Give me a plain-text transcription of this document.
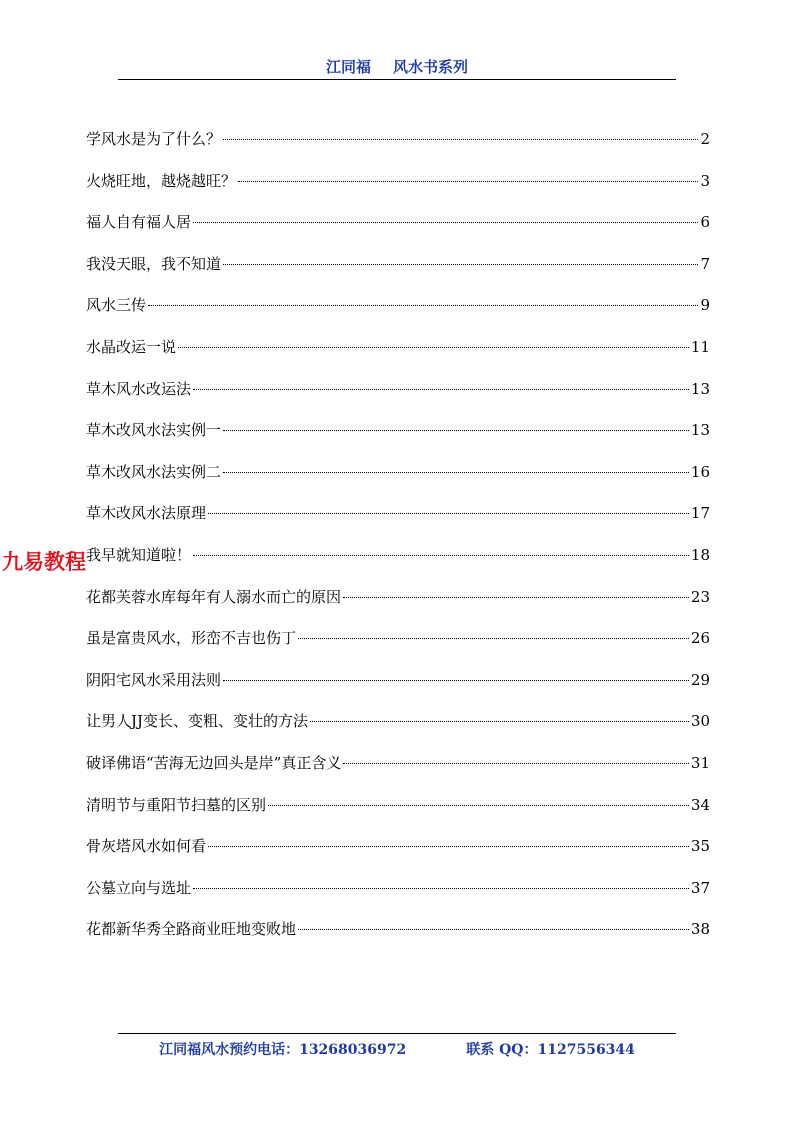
江同福 风水书系列
学风水是为了什么？	2
火烧旺地，越烧越旺？	3
福人自有福人居	6
我没天眼，我不知道	7
风水三传	9
水晶改运一说	11
草木风水改运法	13
草木改风水法实例一	13
草木改风水法实例二	16
草木改风水法原理	17
我早就知道啦！	18
花都芙蓉水库每年有人溺水而亡的原因	23
虽是富贵风水，形峦不吉也伤丁	26
阴阳宅风水采用法则	29
让男人JJ变长、变粗、变壮的方法	30
破译佛语“苦海无边回头是岸”真正含义	31
清明节与重阳节扫墓的区别	34
骨灰塔风水如何看	35
公墓立向与选址	37
花都新华秀全路商业旺地变败地	38
九易教程
江同福风水预约电话：13268036972	联系 QQ：1127556344
